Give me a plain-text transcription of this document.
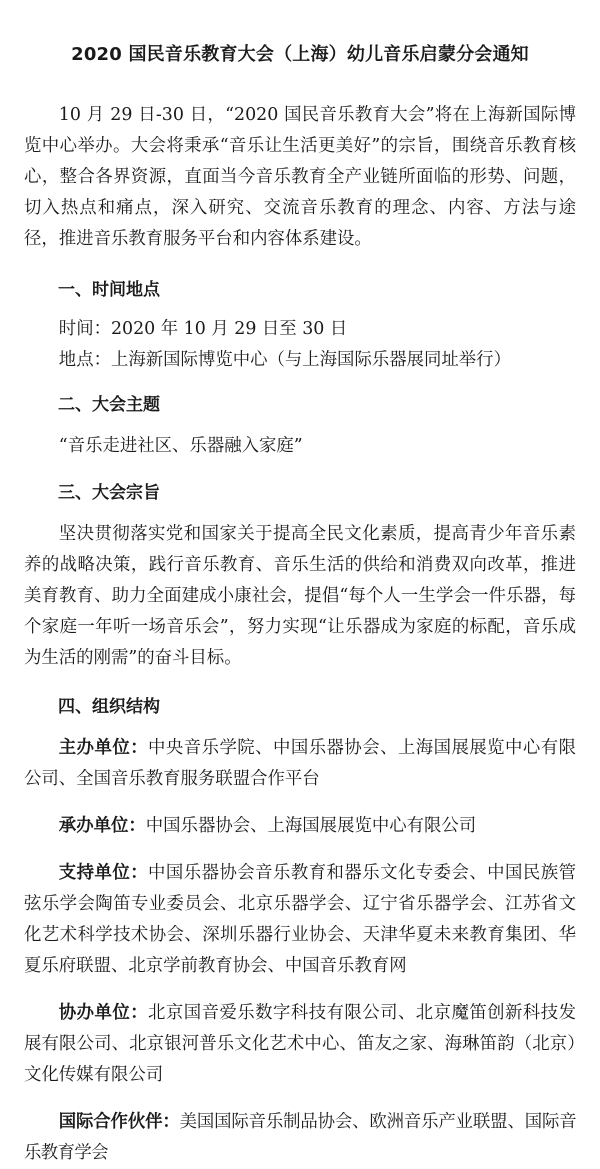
2020 国民音乐教育大会（上海）幼儿音乐启蒙分会通知

10 月 29 日-30 日，“2020 国民音乐教育大会”将在上海新国际博览中心举办。大会将秉承“音乐让生活更美好”的宗旨，围绕音乐教育核心，整合各界资源，直面当今音乐教育全产业链所面临的形势、问题，切入热点和痛点，深入研究、交流音乐教育的理念、内容、方法与途径，推进音乐教育服务平台和内容体系建设。

一、时间地点
时间：2020 年 10 月 29 日至 30 日
地点：上海新国际博览中心（与上海国际乐器展同址举行）
二、大会主题
“音乐走进社区、乐器融入家庭”
三、大会宗旨

坚决贯彻落实党和国家关于提高全民文化素质，提高青少年音乐素养的战略决策，践行音乐教育、音乐生活的供给和消费双向改革，推进美育教育、助力全面建成小康社会，提倡“每个人一生学会一件乐器，每个家庭一年听一场音乐会”，努力实现“让乐器成为家庭的标配，音乐成为生活的刚需”的奋斗目标。

四、组织结构

主办单位：中央音乐学院、中国乐器协会、上海国展展览中心有限公司、全国音乐教育服务联盟合作平台

承办单位：中国乐器协会、上海国展展览中心有限公司

支持单位：中国乐器协会音乐教育和器乐文化专委会、中国民族管弦乐学会陶笛专业委员会、北京乐器学会、辽宁省乐器学会、江苏省文化艺术科学技术协会、深圳乐器行业协会、天津华夏未来教育集团、华夏乐府联盟、北京学前教育协会、中国音乐教育网

协办单位：北京国音爱乐数字科技有限公司、北京魔笛创新科技发展有限公司、北京银河普乐文化艺术中心、笛友之家、海琳笛韵（北京）文化传媒有限公司

国际合作伙伴：美国国际音乐制品协会、欧洲音乐产业联盟、国际音乐教育学会
